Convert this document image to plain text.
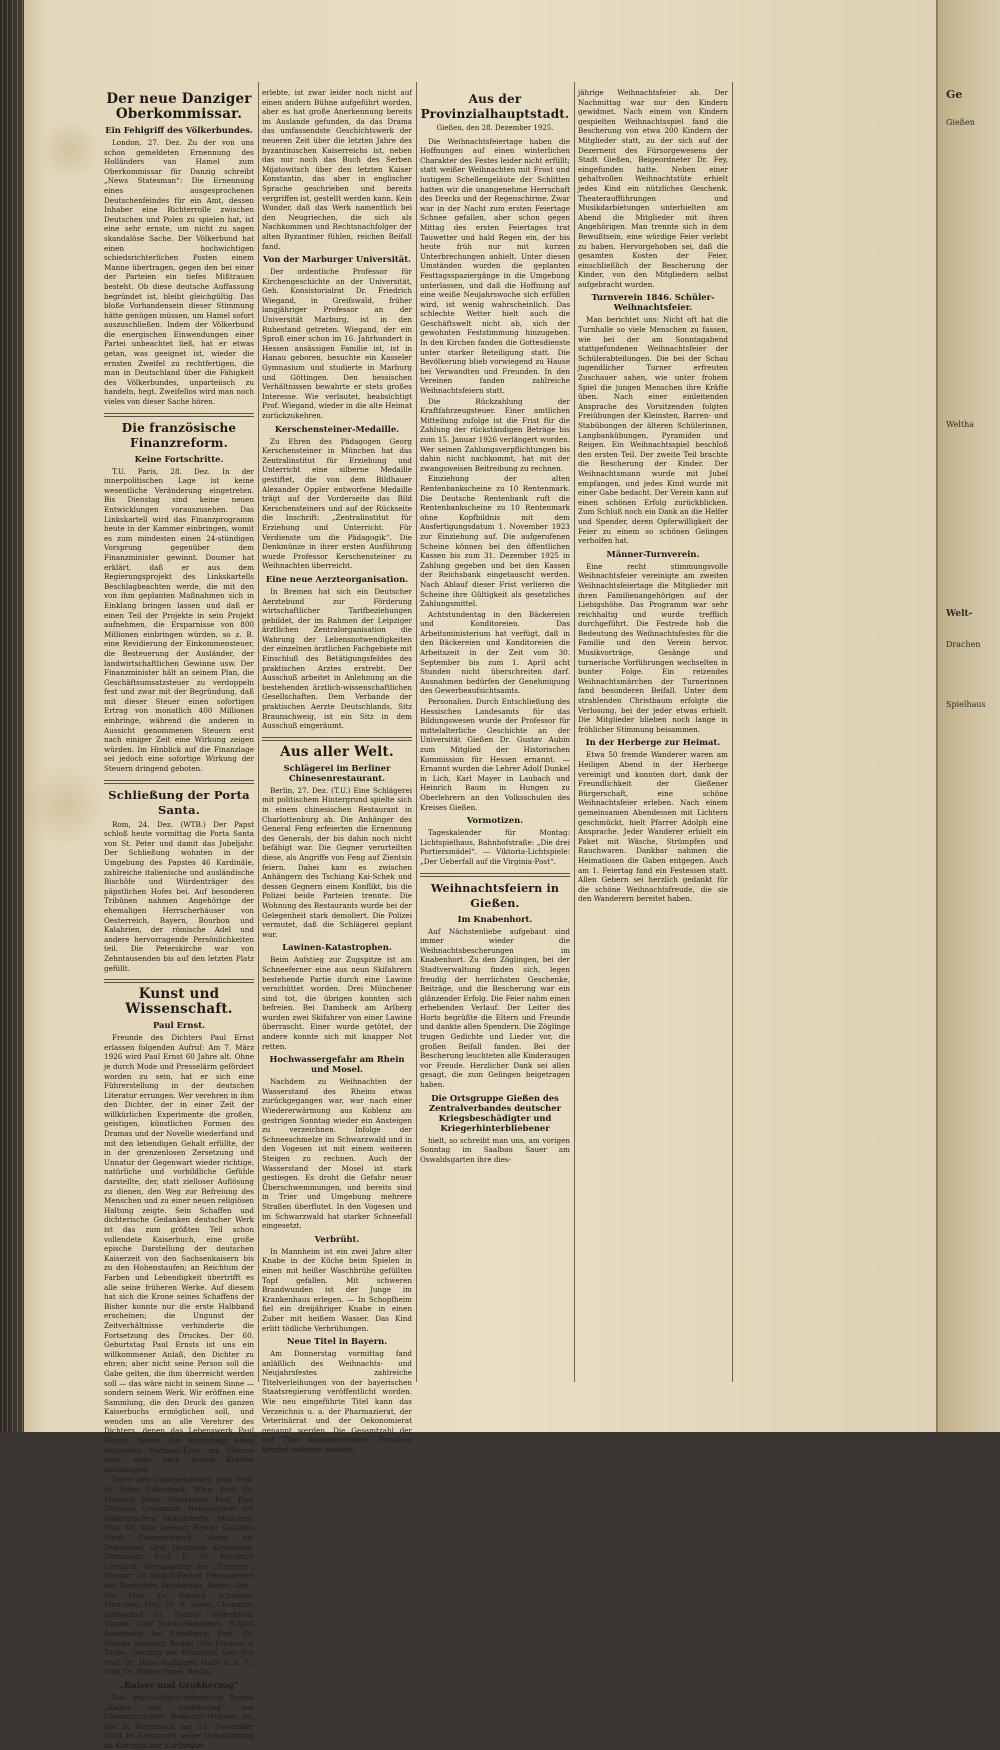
Der neue Danziger Oberkommissar.
Ein Fehlgriff des Völkerbundes.

London, 27. Dez. Zu der von uns schon gemeldeten Ernennung des Holländers van Hamel zum Oberkommissar für Danzig schreibt „News Statesman“: Die Ernennung eines ausgesprochenen Deutschenfeindes für ein Amt, dessen Inhaber eine Richterrolle zwischen Deutschen und Polen zu spielen hat, ist eine sehr ernste, um nicht zu sagen skandalöse Sache. Der Völkerbund hat einen hochwichtigen schiedsrichterlichen Posten einem Manne übertragen, gegen den bei einer der Parteien ein tiefes Mißtrauen besteht. Ob diese deutsche Auffassung begründet ist, bleibt gleichgültig. Das bloße Vorhandensein dieser Stimmung hätte genügen müssen, um Hamel sofort auszuschließen. Indem der Völkerbund die energischen Einwendungen einer Partei unbeachtet ließ, hat er etwas getan, was geeignet ist, wieder die ernsten Zweifel zu rechtfertigen, die man in Deutschland über die Fähigkeit des Völkerbundes, unparteiisch zu handeln, hegt. Zweifellos wird man noch vieles von dieser Sache hören.

Die französische Finanzreform.
Keine Fortschritte.

T.U. Paris, 28. Dez. In der innerpolitischen Lage ist keine wesentliche Veränderung eingetreten. Bis Dienstag sind keine neuen Entwicklungen vorauszusehen. Das Linkskartell wird das Finanzprogramm heute in der Kammer einbringen, womit es zum mindesten einen 24-stündigen Vorsprung gegenüber dem Finanzminister gewinnt. Doumer hat erklärt, daß er aus dem Regierungsprojekt des Linkskartells Beschlagbeachten werde, die mit den von ihm geplanten Maßnahmen sich in Einklang bringen lassen und daß er einen Teil der Projekte in sein Projekt aufnehmen, die Ersparnisse von 800 Millionen einbringen würden, so z. B. eine Revidierung der Einkommensteuer, die Besteuerung der Ausländer, der landwirtschaftlichen Gewinne usw. Der Finanzminister hält an seinem Plan, die Geschäftsumsatzsteuer zu verdoppeln fest und zwar mit der Begründung, daß mit dieser Steuer einen sofortigen Ertrag von monatlich 400 Millionen einbringe, während die anderen in Aussicht genommenen Steuern erst nach einiger Zeit eine Wirkung zeigen würden. Im Hinblick auf die Finanzlage sei jedoch eine sofortige Wirkung der Steuern dringend geboten.

Schließung der Porta Santa.

Rom, 24. Dez. (WTB.) Der Papst schloß heute vormittag die Porta Santa von St. Peter und damit das Jubeljahr. Der Schließung wohnten in der Umgebung des Papstes 46 Kardinäle, zahlreiche italienische und ausländische Bischöfe und Würdenträger des päpstlichen Hofes bei. Auf besonderen Tribünen nahmen Angehörige der ehemaligen Herrscherhäuser von Oesterreich, Bayern, Bourbon und Kalabrien, der römische Adel und andere hervorragende Persönlichkeiten teil. Die Peterskirche war von Zehntausenden bis auf den letzten Platz gefüllt.

Kunst und Wissenschaft.
Paul Ernst.

Freunde des Dichters Paul Ernst erlassen folgenden Aufruf: Am 7. März 1926 wird Paul Ernst 60 Jahre alt. Ohne je durch Mode und Presselärm gefördert worden zu sein, hat er sich eine Führerstellung in der deutschen Literatur errungen. Wer verehren in ihm den Dichter, der in einer Zeit der willkürlichen Experimente die großen, geistigen, künstlichen Formen des Dramas und der Novelle wiederfand und mit den lebendigen Gehalt erfüllte, der in der grenzenlosen Zersetzung und Unnatur der Gegenwart wieder richtige, natürliche und vorbildliche Gefühle darstellte, der, statt zielloser Auflösung zu dienen, den Weg zur Befreiung des Menschen und zu einer neuen religiösen Haltung zeigte. Sein Schaffen und dichterische Gedanken deutscher Werk ist das zum größten Teil schon vollendete Kaiserbuch, eine große epische Darstellung der deutschen Kaiserzeit von den Sachsenkaisern bis zu den Hohenstaufen; an Reichtum der Farben und Lebendigkeit übertrifft es alle seine früheren Werke. Auf diesem hat sich die Krone seines Schaffens der Bisher konnte nur die erste Halbband erscheinen; die Ungunst der Zeitverhältnisse verhinderte die Fortsetzung des Druckes. Der 60. Geburtstag Paul Ernsts ist uns ein willkommener Anlaß, den Dichter zu ehren; aber nicht seine Person soll die Gabe gelten, die ihm überreicht werden soll — das wäre nicht in seinem Sinne — sondern seinem Werk. Wir eröffnen eine Sammlung, die den Druck des ganzen Kaiserbuchs ermöglichen soll, und wenden uns an alle Verehrer des Dichters, denen das Lebenswerk Paul Ernsts, denen die Schöpfung eines deutschen National-Epos am Herzen liegt, dazu nach seinen Kräften beizutragen.

Unter den Unterzeichnern sind: Prof. Dr. Peter Doberneck, Wien; Prof. Dr. Frederik Böök, Stockholm; Prof. Paul Nikolaus Cossmann, Herausgeber der Süddeutschen Monatshefte, München; Prof. Dr. Max Dessoir, Berlin; Guidotto Fürst Donnersmarck, Garm am Tegernsee; Graf Hermann Keyserling, Darmstadt; Prof. D. Dr. Friedrich Lienhard, Herausgeber des „Türmers“, Weimar; Dr. Rudolf Pechel, Herausgeber der Deutschen Rundschau, Berlin; Geh.-Rat Prof. Dr. Eduard Schwartz, München; Prof. Dr. A. Sauer, Chemnitz; Erzbischof Dr. Nathan Söderblom, Upsala; Graf Solms-Rödelheim, Schloß Assenheim bei Friedberg; Prof. Dr. Werner Sombart, Berlin; Otto Freiherr v. Taube, Gauting bei München; Geh.-Rat Prof. Dr. Hans Vaihinger, Halle a. d. S.; Prof. Dr. Walter Vogel, Berlin.

„Kaiser und Großherzog“

Das geschichtlich-historische Drama „Kaiser und Großherzog“ von Oberamtsrichter Bonhardt-Wilhelm ist, das in Kreuznach am 15. November 1924 in Kreuznach seine Uraufführung im Kreuznacher Kurtheater

erlebte, ist zwar leider noch nicht auf einen andern Bühne aufgeführt worden, aber es hat große Anerkennung bereits im Auslande gefunden, da das Drama das umfassendste Geschichtswerk der neueren Zeit über die letzten Jahre des byzantinischen Kaiserreichs ist, neben das nur noch das Buch des Serben Mijatowitsch über den letzten Kaiser Konstantin, das aber in englischer Sprache geschrieben und bereits vergriffen ist, gestellt werden kann. Kein Wunder, daß das Werk namentlich bei den Neugriechen, die sich als Nachkommen und Rechtsnachfolger der alten Byzantiner fühlen, reichen Beifall fand.

Von der Marburger Universität.

Der ordentliche Professor für Kirchengeschichte an der Universität, Geh. Konsistorialrat Dr. Friedrich Wiegand, in Greifswald, früher langjähriger Professor an der Universität Marburg, ist in den Ruhestand getreten. Wiegand, der ein Sproß einer schon im 16. Jahrhundert in Hessen ansässigen Familie ist, ist in Hanau geboren, besuchte ein Kasseler Gymnasium und studierte in Marburg und Göttingen. Den hessischen Verhältnissen bewahrte er stets großes Interesse. Wie verlautet, beabsichtigt Prof. Wiegand, wieder in die alte Heimat zurückzukehren.

Kerschensteiner-Medaille.

Zu Ehren des Pädagogen Georg Kerschensteiner in München hat das Zentralinstitut für Erziehung und Unterricht eine silberne Medaille gestiftet, die von dem Bildhauer Alexander Oppler entworfene Medaille trägt auf der Vorderseite das Bild Kerschensteiners und auf der Rückseite die Inschrift: „Zentralinstitut für Erziehung und Unterricht. Für Verdienste um die Pädagogik“. Die Denkmünze in ihrer ersten Ausführung wurde Professor Kerschensteiner zu Weihnachten überreicht.

Eine neue Aerzteorganisation.

In Bremen hat sich ein Deutscher Aerztebund zur Förderung wirtschaftlicher Tarifbeziehungen gebildet, der im Rahmen der Leipziger ärztlichen Zentralorganisation die Wahrung der Lebensnotwendigkeiten der einzelnen ärztlichen Fachgebiete mit Einschluß des Betätigungsfeldes des praktischen Arztes erstrebt. Der Ausschuß arbeitet in Anlehnung an die bestehenden ärztlich-wissenschaftlichen Gesellschaften. Dem Verbande der praktischen Aerzte Deutschlands, Sitz Braunschweig, ist ein Sitz in dem Ausschuß eingeräumt.

Aus aller Welt.
Schlägerei im Berliner Chinesenrestaurant.

Berlin, 27. Dez. (T.U.) Eine Schlägerei mit politischem Hintergrund spielte sich in einem chinesischen Restaurant in Charlottenburg ab. Die Anhänger des General Feng erfeierten die Ernennung des Generals, der bis dahin noch nicht befähigt war. Die Gegner verurteilten diese, als Angriffe von Feng auf Zientsin feiern. Dabei kam es zwischen Anhängern des Tschiang Kai-Schek und dessen Gegnern einem Konflikt, bis die Polizei beide Parteien trennte. Die Wohnung des Restaurants wurde bei der Gelegenheit stark demoliert. Die Polizei vermutet, daß die Schlägerei geplant war.

Lawinen-Katastrophen.

Beim Aufstieg zur Zugspitze ist am Schneeferner eine aus neun Skifahrern bestehende Partie durch eine Lawine verschüttet worden. Drei Münchener sind tot, die übrigen konnten sich befreien. Bei Dambeck am Arlberg wurden zwei Skifahrer von einer Lawine überrascht. Einer wurde getötet, der andere konnte sich mit knapper Not retten.

Hochwassergefahr am Rhein und Mosel.

Nachdem zu Weihnachten der Wasserstand des Rheins etwas zurückgegangen war, war nach einer Wiedererwärmung aus Koblenz am gestrigen Sonntag wieder ein Ansteigen zu verzeichnen. Infolge der Schneeschmelze im Schwarzwald und in den Vogesen ist mit einem weiteren Steigen zu rechnen. Auch der Wasserstand der Mosel ist stark gestiegen. Es droht die Gefahr neuer Überschwemmungen, und bereits sind in Trier und Umgebung mehrere Straßen überflutet. In den Vogesen und im Schwarzwald hat starker Schneefall eingesetzt.

Verbrüht.

In Mannheim ist ein zwei Jahre alter Knabe in der Küche beim Spielen in einen mit heißer Waschbrühe gefüllten Topf gefallen. Mit schweren Brandwunden ist der Junge im Krankenhaus erlegen. — In Schopfheim fiel ein dreijähriger Knabe in einen Zuber mit heißem Wasser. Das Kind erlitt tödliche Verbrühungen.

Neue Titel in Bayern.

Am Donnerstag vormittag fand anläßlich des Weihnachts- und Neujahrsfestes zahlreiche Titelverleihungen von der bayerischen Staatsregierung veröffentlicht worden. Wie neu eingeführte Titel kann das Verzeichnis u. a. der Pharmazierat, der Veterinärrat und der Oekonomierat genannt werden. Die Gesamtzahl der mit Titel ausgezeichneten Personen beträgt mehrere hundert.

Aus der Provinzialhauptstadt.
Gießen, den 28. Dezember 1925.

Die Weihnachtsfeiertage haben die Hoffnungen auf einen winterlichen Charakter des Festes leider nicht erfüllt; statt weißer Weihnachten mit Frost und lustigem Schellengeläute der Schlitten hatten wir die unangenehme Herrschaft des Drecks und der Regenschirme. Zwar war in der Nacht zum ersten Feiertage Schnee gefallen, aber schon gegen Mittag des ersten Feiertages trat Tauwetter und bald Regen ein, der bis heute früh nur mit kurzen Unterbrechungen anhielt. Unter diesen Umständen wurden die geplanten Festtagsspaziergänge in die Umgebung unterlassen, und daß die Hoffnung auf eine weiße Neujahrswoche sich erfüllen wird, ist wenig wahrscheinlich. Das schlechte Wetter hielt auch die Geschäftswelt nicht ab, sich der gewohnten Feststimmung hinzugeben. In den Kirchen fanden die Gottesdienste unter starker Beteiligung statt. Die Bevölkerung blieb vorwiegend zu Hause bei Verwandten und Freunden. In den Vereinen fanden zahlreiche Weihnachtsfeiern statt.

Die Rückzahlung der Kraftfahrzeugsteuer. Einer amtlichen Mitteilung zufolge ist die Frist für die Zahlung der rückständigen Beträge bis zum 15. Januar 1926 verlängert worden. Wer seinen Zahlungsverpflichtungen bis dahin nicht nachkommt, hat mit der zwangsweisen Beitreibung zu rechnen.

Einziehung der alten Rentenbankscheine zu 10 Rentenmark. Die Deutsche Rentenbank ruft die Rentenbankscheine zu 10 Rentenmark ohne Kopfbildnis mit dem Ausfertigungsdatum 1. November 1923 zur Einziehung auf. Die aufgerufenen Scheine können bei den öffentlichen Kassen bis zum 31. Dezember 1925 in Zahlung gegeben und bei den Kassen der Reichsbank eingetauscht werden. Nach Ablauf dieser Frist verlieren die Scheine ihre Gültigkeit als gesetzliches Zahlungsmittel.

Achtstundentag in den Bäckereien und Konditoreien. Das Arbeitsministerium hat verfügt, daß in den Bäckereien und Konditoreien die Arbeitszeit in der Zeit vom 30. September bis zum 1. April acht Stunden nicht überschreiten darf. Ausnahmen bedürfen der Genehmigung des Gewerbeaufsichtsamts.

Personalien. Durch Entschließung des Hessischen Landesamts für das Bildungswesen wurde der Professor für mittelalterliche Geschichte an der Universität Gießen Dr. Gustav Aubin zum Mitglied der Historischen Kommission für Hessen ernannt. — Ernannt wurden die Lehrer Adolf Dunkel in Lich, Karl Mayer in Laubach und Heinrich Baum in Hungen zu Oberlehrern an den Volksschulen des Kreises Gießen.

Vormotizen.

Tageskalender für Montag: Lichtspielhaus, Bahnhofstraße: „Die drei Portiersmädel“. — Viktoria-Lichtspiele: „Der Ueberfall auf die Virginia-Post“.

Weihnachtsfeiern in Gießen.
Im Knabenhort.

Auf Nächstenliebe aufgebaut sind immer wieder die Weihnachtsbescherungen im Knabenhort. Zu den Zöglingen, bei der Stadtverwaltung finden sich, legen freudig der herrlichsten Geschenke, Beiträge, und die Bescherung war ein glänzender Erfolg. Die Feier nahm einen erhebenden Verlauf. Der Leiter des Horts begrüßte die Eltern und Freunde und dankte allen Spendern. Die Zöglinge trugen Gedichte und Lieder vor, die großen Beifall fanden. Bei der Bescherung leuchteten alle Kinderaugen vor Freude. Herzlicher Dank sei allen gesagt, die zum Gelingen beigetragen haben.

Die Ortsgruppe Gießen des Zentralverbandes deutscher Kriegsbeschädigter und Kriegerhinterbliebener

hielt, so schreibt man uns, am vorigen Sonntag im Saalbau Sauer am Oswaldsgarten ihre dies-

jährige Weihnachtsfeier ab. Der Nachmittag war nur den Kindern gewidmet. Nach einem von Kindern gespielten Weihnachtsspiel fand die Bescherung von etwa 200 Kindern der Mitglieder statt, zu der sich auf der Dezernent des Fürsorgewesens der Stadt Gießen, Beigeordneter Dr. Fey, eingefunden hatte. Neben einer gehaltvollen Weihnachtstüte erhielt jedes Kind ein nützliches Geschenk. Theateraufführungen und Musikdarbietungen unterhielten am Abend die Mitglieder mit ihren Angehörigen. Man trennte sich in dem Bewußtsein, eine würdige Feier verlebt zu haben. Hervorgehoben sei, daß die gesamten Kosten der Feier, einschließlich der Bescherung der Kinder, von den Mitgliedern selbst aufgebracht wurden.

Turnverein 1846. Schüler-Weihnachtsfeier.

Man berichtet uns: Nicht oft hat die Turnhalle so viele Menschen zu fassen, wie bei der am Sonntagabend stattgefundenen Weihnachtsfeier der Schülerabteilungen. Die bei der Schau jugendlicher Turner erfreuten Zuschauer sahen, wie unter frohem Spiel die jungen Menschen ihre Kräfte üben. Nach einer einleitenden Ansprache des Vorsitzenden folgten Freiübungen der Kleinsten, Barren- und Stabübungen der älteren Schülerinnen, Langbankübungen, Pyramiden und Reigen. Ein Weihnachtsspiel beschloß den ersten Teil. Der zweite Teil brachte die Bescherung der Kinder. Der Weihnachtsmann wurde mit Jubel empfangen, und jedes Kind wurde mit einer Gabe bedacht. Der Verein kann auf einen schönen Erfolg zurückblicken. Zum Schluß noch ein Dank an die Helfer und Spender, deren Opferwilligkeit der Feier zu einem so schönen Gelingen verholfen hat.

Männer-Turnverein.

Eine recht stimmungsvolle Weihnachtsfeier vereinigte am zweiten Weihnachtsfeiertage die Mitglieder mit ihren Familienangehörigen auf der Liebigshöhe. Das Programm war sehr reichhaltig und wurde trefflich durchgeführt. Die Festrede hob die Bedeutung des Weihnachtsfestes für die Familie und den Verein hervor. Musikvorträge, Gesänge und turnerische Vorführungen wechselten in bunter Folge. Ein reizendes Weihnachtsmärchen der Turnerinnen fand besonderen Beifall. Unter dem strahlenden Christbaum erfolgte die Verlosung, bei der jeder etwas erhielt. Die Mitglieder blieben noch lange in fröhlicher Stimmung beisammen.

In der Herberge zur Heimat.

Etwa 50 fremde Wanderer waren am Heiligen Abend in der Herberge vereinigt und konnten dort, dank der Freundlichkeit der Gießener Bürgerschaft, eine schöne Weihnachtsfeier erleben. Nach einem gemeinsamen Abendessen mit Lichtern geschmückt, hielt Pfarrer Adolph eine Ansprache. Jeder Wanderer erhielt ein Paket mit Wäsche, Strümpfen und Rauchwaren. Dankbar nahmen die Heimatlosen die Gaben entgegen. Auch am 1. Feiertag fand ein Festessen statt. Allen Gebern sei herzlich gedankt für die schöne Weihnachtsfreude, die sie den Wanderern bereitet haben.

Ge
Gießen
Weltha
Welt-
Drachen
Spielhaus
